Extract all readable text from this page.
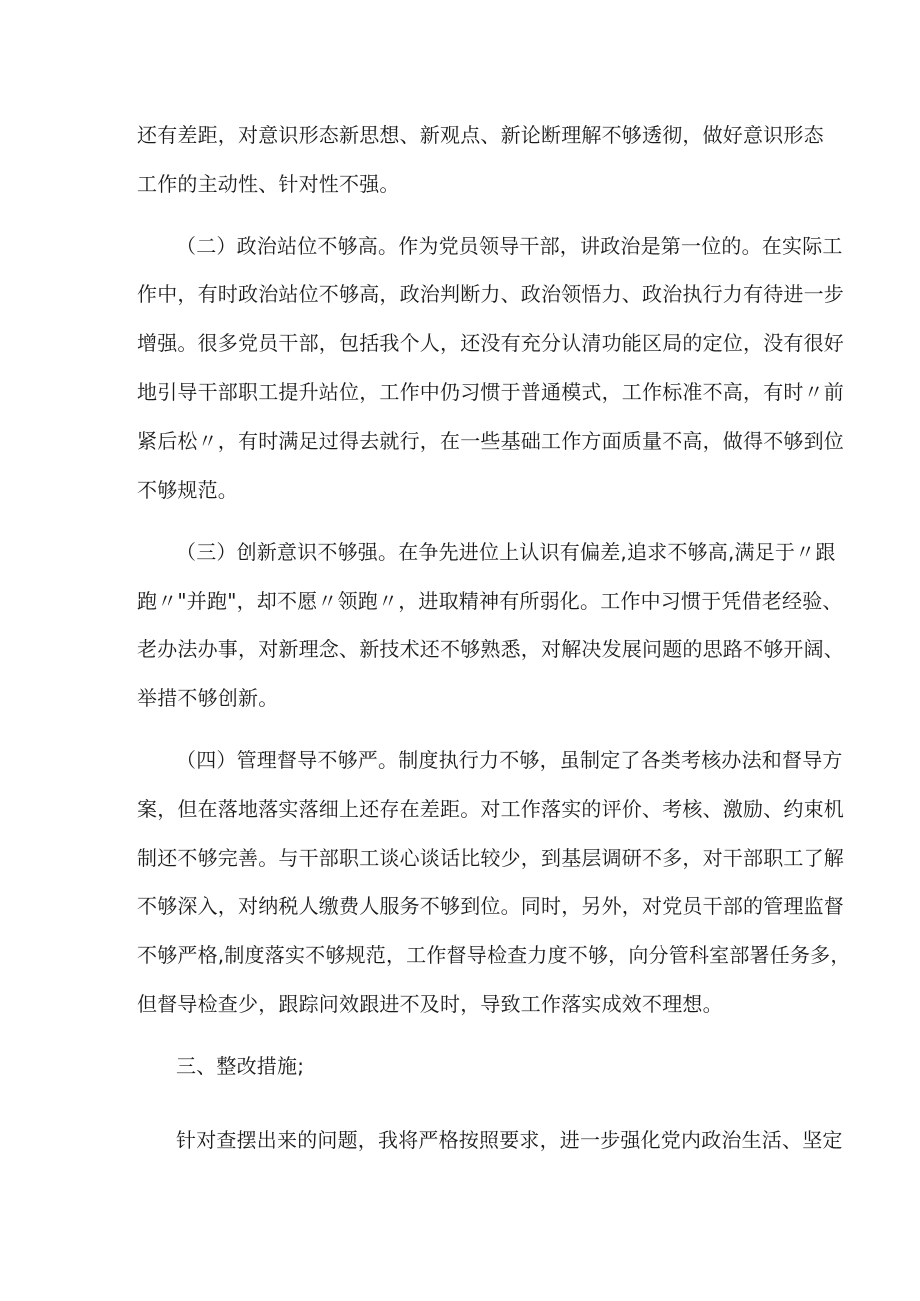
还有差距，对意识形态新思想、新观点、新论断理解不够透彻，做好意识形态
工作的主动性、针对性不强。
（二）政治站位不够高。作为党员领导干部，讲政治是第一位的。在实际工
作中，有时政治站位不够高，政治判断力、政治领悟力、政治执行力有待进一步
增强。很多党员干部，包括我个人，还没有充分认清功能区局的定位，没有很好
地引导干部职工提升站位，工作中仍习惯于普通模式，工作标准不高，有时〃前
紧后松〃，有时满足过得去就行，在一些基础工作方面质量不高，做得不够到位
不够规范。
（三）创新意识不够强。在争先进位上认识有偏差,追求不够高,满足于〃跟
跑〃"并跑"，却不愿〃领跑〃，进取精神有所弱化。工作中习惯于凭借老经验、
老办法办事，对新理念、新技术还不够熟悉，对解决发展问题的思路不够开阔、
举措不够创新。
（四）管理督导不够严。制度执行力不够，虽制定了各类考核办法和督导方
案，但在落地落实落细上还存在差距。对工作落实的评价、考核、激励、约束机
制还不够完善。与干部职工谈心谈话比较少，到基层调研不多，对干部职工了解
不够深入，对纳税人缴费人服务不够到位。同时，另外，对党员干部的管理监督
不够严格,制度落实不够规范，工作督导检查力度不够，向分管科室部署任务多，
但督导检查少，跟踪问效跟进不及时，导致工作落实成效不理想。
三、整改措施;
针对查摆出来的问题，我将严格按照要求，进一步强化党内政治生活、坚定
